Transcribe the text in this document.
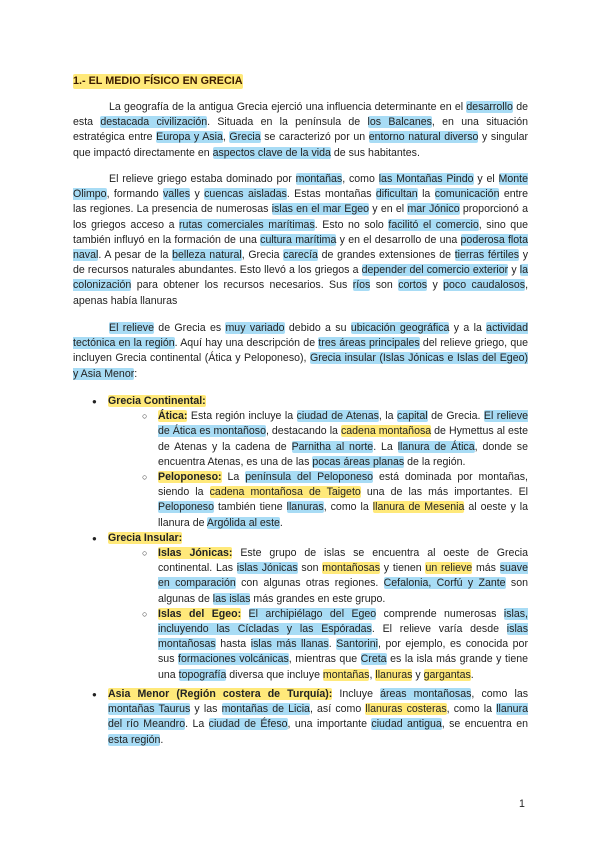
1.- EL MEDIO FÍSICO EN GRECIA

La geografía de la antigua Grecia ejerció una influencia determinante en el desarrollo de esta destacada civilización. Situada en la península de los Balcanes, en una situación estratégica entre Europa y Asia, Grecia se caracterizó por un entorno natural diverso y singular que impactó directamente en aspectos clave de la vida de sus habitantes.

El relieve griego estaba dominado por montañas, como las Montañas Pindo y el Monte Olimpo, formando valles y cuencas aisladas. Estas montañas dificultan la comunicación entre las regiones. La presencia de numerosas islas en el mar Egeo y en el mar Jónico proporcionó a los griegos acceso a rutas comerciales marítimas. Esto no solo facilitó el comercio, sino que también influyó en la formación de una cultura marítima y en el desarrollo de una poderosa flota naval. A pesar de la belleza natural, Grecia carecía de grandes extensiones de tierras fértiles y de recursos naturales abundantes. Esto llevó a los griegos a depender del comercio exterior y la colonización para obtener los recursos necesarios. Sus ríos son cortos y poco caudalosos, apenas había llanuras

El relieve de Grecia es muy variado debido a su ubicación geográfica y a la actividad tectónica en la región. Aquí hay una descripción de tres áreas principales del relieve griego, que incluyen Grecia continental (Ática y Peloponeso), Grecia insular (Islas Jónicas e Islas del Egeo) y Asia Menor:

● Grecia Continental:
○ Ática: Esta región incluye la ciudad de Atenas, la capital de Grecia. El relieve de Ática es montañoso, destacando la cadena montañosa de Hymettus al este de Atenas y la cadena de Parnitha al norte. La llanura de Ática, donde se encuentra Atenas, es una de las pocas áreas planas de la región.
○ Peloponeso: La península del Peloponeso está dominada por montañas, siendo la cadena montañosa de Taigeto una de las más importantes. El Peloponeso también tiene llanuras, como la llanura de Mesenia al oeste y la llanura de Argólida al este.
● Grecia Insular:
○ Islas Jónicas: Este grupo de islas se encuentra al oeste de Grecia continental. Las islas Jónicas son montañosas y tienen un relieve más suave en comparación con algunas otras regiones. Cefalonia, Corfú y Zante son algunas de las islas más grandes en este grupo.
○ Islas del Egeo: El archipiélago del Egeo comprende numerosas islas, incluyendo las Cícladas y las Espóradas. El relieve varía desde islas montañosas hasta islas más llanas. Santorini, por ejemplo, es conocida por sus formaciones volcánicas, mientras que Creta es la isla más grande y tiene una topografía diversa que incluye montañas, llanuras y gargantas.
● Asia Menor (Región costera de Turquía): Incluye áreas montañosas, como las montañas Taurus y las montañas de Licia, así como llanuras costeras, como la llanura del río Meandro. La ciudad de Éfeso, una importante ciudad antigua, se encuentra en esta región.
1
